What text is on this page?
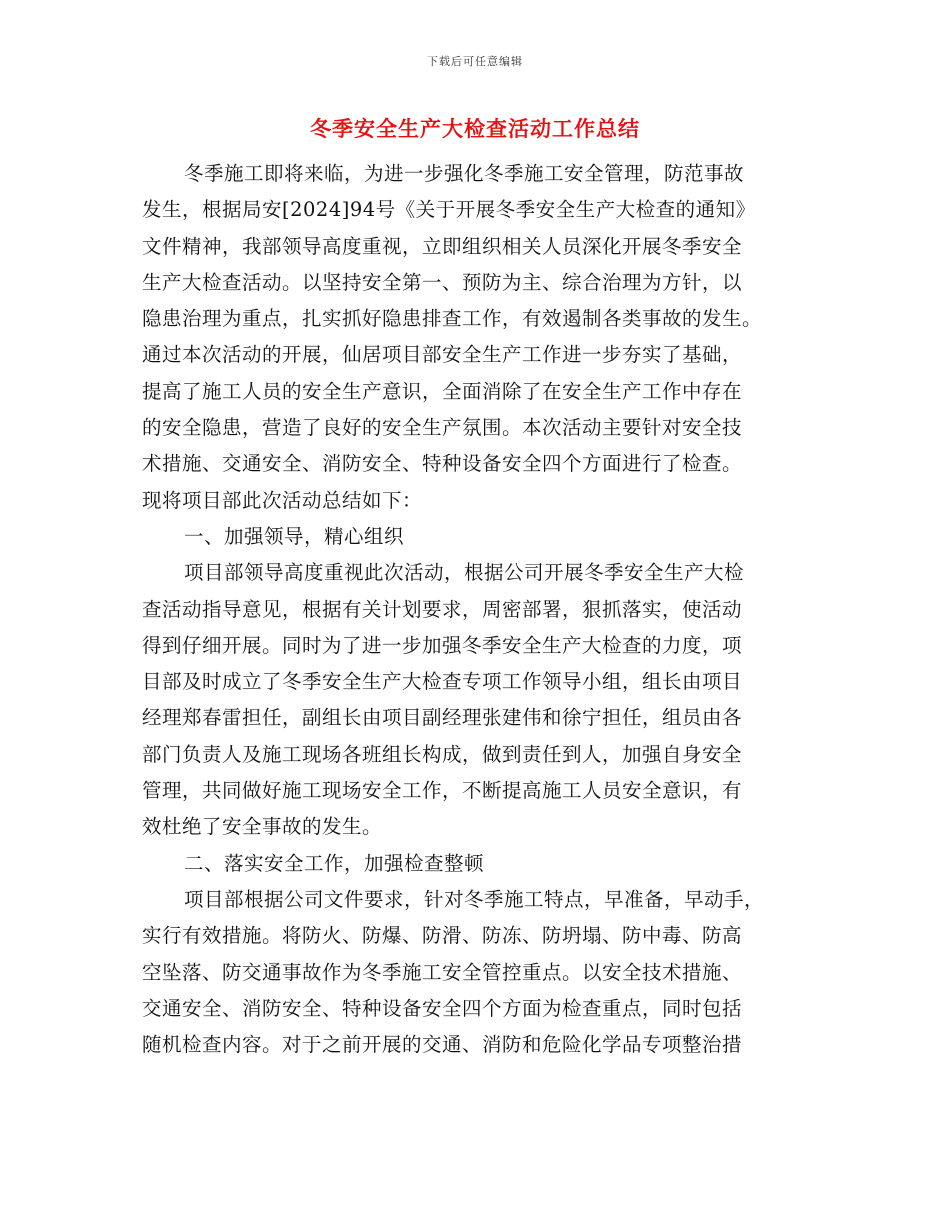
下载后可任意编辑
冬季安全生产大检查活动工作总结
冬季施工即将来临，为进一步强化冬季施工安全管理，防范事故
发生，根据局安[2024]94号《关于开展冬季安全生产大检查的通知》
文件精神，我部领导高度重视，立即组织相关人员深化开展冬季安全
生产大检查活动。以坚持安全第一、预防为主、综合治理为方针，以
隐患治理为重点，扎实抓好隐患排查工作，有效遏制各类事故的发生。
通过本次活动的开展，仙居项目部安全生产工作进一步夯实了基础，
提高了施工人员的安全生产意识，全面消除了在安全生产工作中存在
的安全隐患，营造了良好的安全生产氛围。本次活动主要针对安全技
术措施、交通安全、消防安全、特种设备安全四个方面进行了检查。
现将项目部此次活动总结如下：
一、加强领导，精心组织
项目部领导高度重视此次活动，根据公司开展冬季安全生产大检
查活动指导意见，根据有关计划要求，周密部署，狠抓落实，使活动
得到仔细开展。同时为了进一步加强冬季安全生产大检查的力度，项
目部及时成立了冬季安全生产大检查专项工作领导小组，组长由项目
经理郑春雷担任，副组长由项目副经理张建伟和徐宁担任，组员由各
部门负责人及施工现场各班组长构成，做到责任到人，加强自身安全
管理，共同做好施工现场安全工作，不断提高施工人员安全意识，有
效杜绝了安全事故的发生。
二、落实安全工作，加强检查整顿
项目部根据公司文件要求，针对冬季施工特点，早准备，早动手，
实行有效措施。将防火、防爆、防滑、防冻、防坍塌、防中毒、防高
空坠落、防交通事故作为冬季施工安全管控重点。以安全技术措施、
交通安全、消防安全、特种设备安全四个方面为检查重点，同时包括
随机检查内容。对于之前开展的交通、消防和危险化学品专项整治措
